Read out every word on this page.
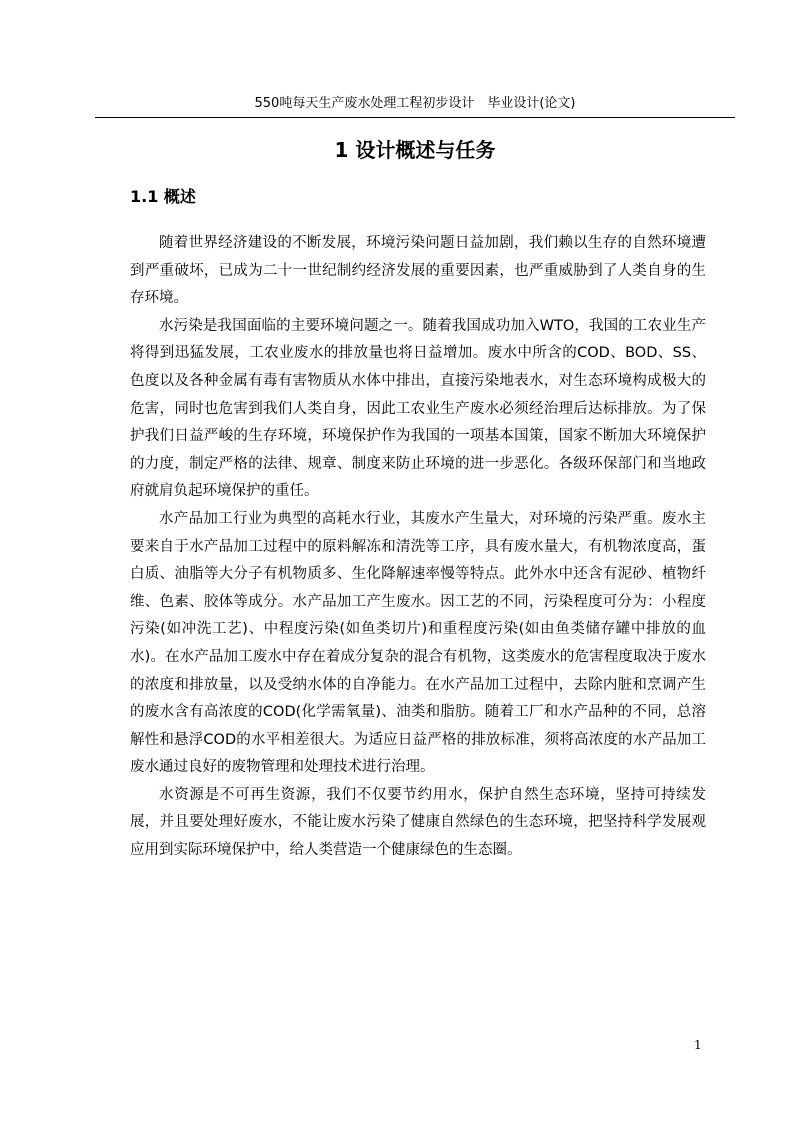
550吨每天生产废水处理工程初步设计　毕业设计(论文)
1 设计概述与任务
1.1 概述

随着世界经济建设的不断发展，环境污染问题日益加剧，我们赖以生存的自然环境遭到严重破坏，已成为二十一世纪制约经济发展的重要因素，也严重威胁到了人类自身的生存环境。

水污染是我国面临的主要环境问题之一。随着我国成功加入WTO，我国的工农业生产将得到迅猛发展，工农业废水的排放量也将日益增加。废水中所含的COD、BOD、SS、色度以及各种金属有毒有害物质从水体中排出，直接污染地表水，对生态环境构成极大的危害，同时也危害到我们人类自身，因此工农业生产废水必须经治理后达标排放。为了保护我们日益严峻的生存环境，环境保护作为我国的一项基本国策，国家不断加大环境保护的力度，制定严格的法律、规章、制度来防止环境的进一步恶化。各级环保部门和当地政府就肩负起环境保护的重任。

水产品加工行业为典型的高耗水行业，其废水产生量大，对环境的污染严重。废水主要来自于水产品加工过程中的原料解冻和清洗等工序，具有废水量大，有机物浓度高，蛋白质、油脂等大分子有机物质多、生化降解速率慢等特点。此外水中还含有泥砂、植物纤维、色素、胶体等成分。水产品加工产生废水。因工艺的不同，污染程度可分为：小程度污染(如冲洗工艺)、中程度污染(如鱼类切片)和重程度污染(如由鱼类储存罐中排放的血水)。在水产品加工废水中存在着成分复杂的混合有机物，这类废水的危害程度取决于废水的浓度和排放量，以及受纳水体的自净能力。在水产品加工过程中，去除内脏和烹调产生的废水含有高浓度的COD(化学需氧量)、油类和脂肪。随着工厂和水产品种的不同，总溶解性和悬浮COD的水平相差很大。为适应日益严格的排放标准，须将高浓度的水产品加工废水通过良好的废物管理和处理技术进行治理。

水资源是不可再生资源，我们不仅要节约用水，保护自然生态环境，坚持可持续发展，并且要处理好废水，不能让废水污染了健康自然绿色的生态环境，把坚持科学发展观应用到实际环境保护中，给人类营造一个健康绿色的生态圈。

1
